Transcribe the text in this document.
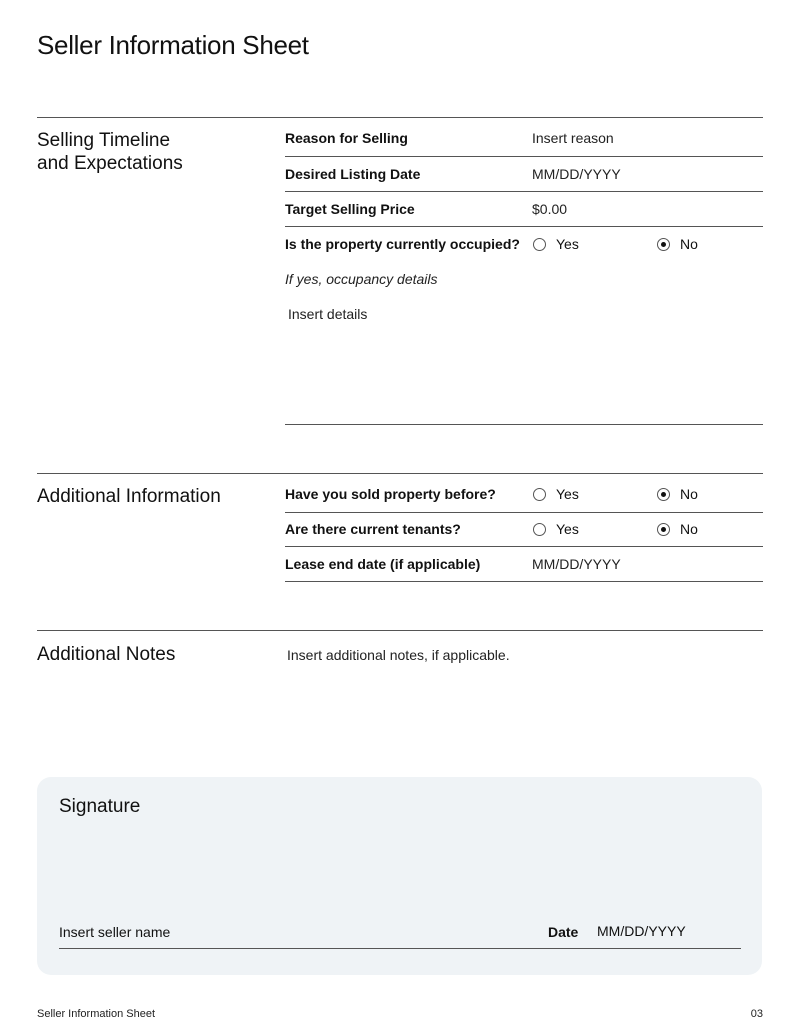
Seller Information Sheet
Selling Timeline
and Expectations
Reason for Selling	Insert reason
Desired Listing Date	MM/DD/YYYY
Target Selling Price	$0.00
Is the property currently occupied?	Yes	No
If yes, occupancy details
Insert details
Additional Information	Have you sold property before?	Yes	No
Are there current tenants?	Yes	No
Lease end date (if applicable)	MM/DD/YYYY
Additional Notes	Insert additional notes, if applicable.
Signature
Insert seller name	Date MM/DD/YYYY
Seller Information Sheet	03
